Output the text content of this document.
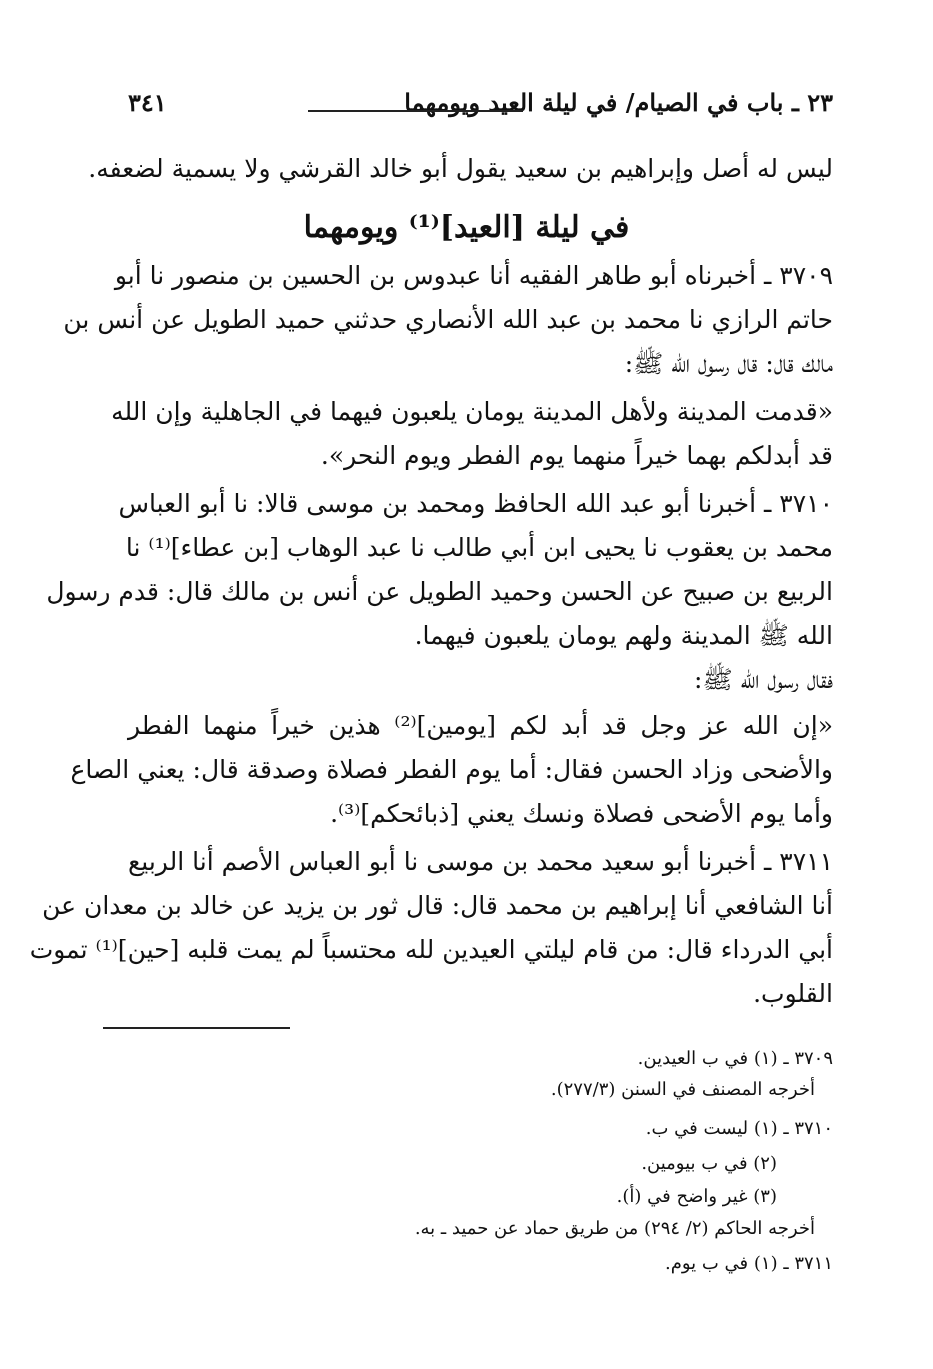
٢٣ ـ باب في الصيام/ في ليلة العيد ويومهما
٣٤١
ليس له أصل وإبراهيم بن سعيد يقول أبو خالد القرشي ولا يسمية لضعفه.
في ليلة [العيد]⁽¹⁾ ويومهما
٣٧٠٩ ـ أخبرناه أبو طاهر الفقيه أنا عبدوس بن الحسين بن منصور نا أبو
حاتم الرازي نا محمد بن عبد الله الأنصاري حدثني حميد الطويل عن أنس بن
مالك قال: قال رسول الله ﷺ:
«قدمت المدينة ولأهل المدينة يومان يلعبون فيهما في الجاهلية وإن الله
قد أبدلكم بهما خيراً منهما يوم الفطر ويوم النحر».
٣٧١٠ ـ أخبرنا أبو عبد الله الحافظ ومحمد بن موسى قالا: نا أبو العباس
محمد بن يعقوب نا يحيى ابن أبي طالب نا عبد الوهاب [بن عطاء]⁽¹⁾ نا
الربيع بن صبيح عن الحسن وحميد الطويل عن أنس بن مالك قال: قدم رسول
الله ﷺ المدينة ولهم يومان يلعبون فيهما.
فقال رسول الله ﷺ:
«إن الله عز وجل قد أبد لكم [يومين]⁽²⁾ هذين خيراً منهما الفطر
والأضحى وزاد الحسن فقال: أما يوم الفطر فصلاة وصدقة قال: يعني الصاع
وأما يوم الأضحى فصلاة ونسك يعني [ذبائحكم]⁽³⁾.
٣٧١١ ـ أخبرنا أبو سعيد محمد بن موسى نا أبو العباس الأصم أنا الربيع
أنا الشافعي أنا إبراهيم بن محمد قال: قال ثور بن يزيد عن خالد بن معدان عن
أبي الدرداء قال: من قام ليلتي العيدين لله محتسباً لم يمت قلبه [حين]⁽¹⁾ تموت
القلوب.
٣٧٠٩ ـ (١) في ب العيدين.
أخرجه المصنف في السنن (٢٧٧/٣).
٣٧١٠ ـ (١) ليست في ب.
(٢) في ب بيومين.
(٣) غير واضح في (أ).
أخرجه الحاكم (٢/ ٢٩٤) من طريق حماد عن حميد ـ به.
٣٧١١ ـ (١) في ب يوم.
